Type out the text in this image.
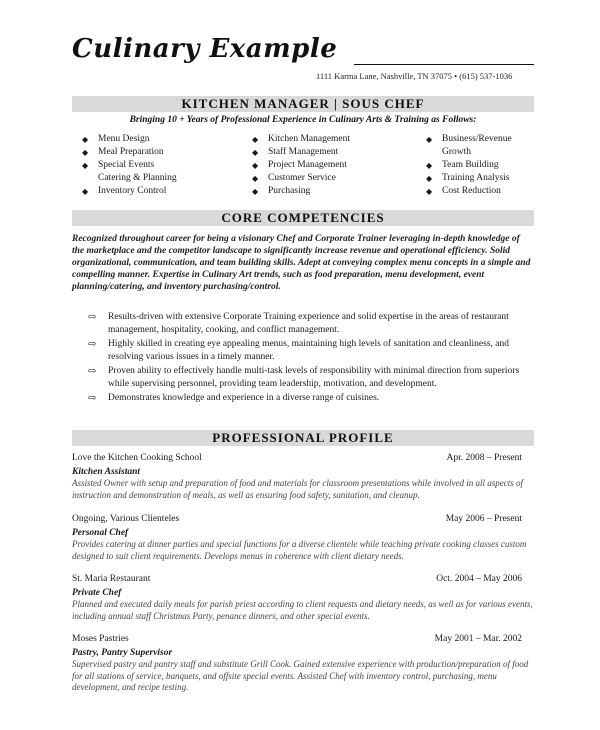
Culinary Example
1111 Karma Lane, Nashville, TN 37075 • (615) 537-1036
KITCHEN MANAGER | SOUS CHEF
Bringing 10 + Years of Professional Experience in Culinary Arts & Training as Follows:
◆ Menu Design
◆ Meal Preparation
◆ Special Events
Catering & Planning
◆ Inventory Control
◆ Kitchen Management
◆ Staff Management
◆ Project Management
◆ Customer Service
◆ Purchasing
◆ Business/Revenue
Growth
◆ Team Building
◆ Training Analysis
◆ Cost Reduction
CORE COMPETENCIES
Recognized throughout career for being a visionary Chef and Corporate Trainer leveraging in-depth knowledge of the marketplace and the competitor landscape to significantly increase revenue and operational efficiency. Solid organizational, communication, and team building skills. Adept at conveying complex menu concepts in a simple and compelling manner. Expertise in Culinary Art trends, such as food preparation, menu development, event planning/catering, and inventory purchasing/control.
⇨ Results-driven with extensive Corporate Training experience and solid expertise in the areas of restaurant management, hospitality, cooking, and conflict management.
⇨ Highly skilled in creating eye appealing menus, maintaining high levels of sanitation and cleanliness, and resolving various issues in a timely manner.
⇨ Proven ability to effectively handle multi-task levels of responsibility with minimal direction from superiors while supervising personnel, providing team leadership, motivation, and development.
⇨ Demonstrates knowledge and experience in a diverse range of cuisines.
PROFESSIONAL PROFILE
Love the Kitchen Cooking School	Apr. 2008 – Present
Kitchen Assistant
Assisted Owner with setup and preparation of food and materials for classroom presentations while involved in all aspects of instruction and demonstration of meals, as well as ensuring food safety, sanitation, and cleanup.
Ongoing, Various Clienteles	May 2006 – Present
Personal Chef
Provides catering at dinner parties and special functions for a diverse clientele while teaching private cooking classes custom designed to suit client requirements. Develops menus in coherence with client dietary needs.
St. Maria Restaurant	Oct. 2004 – May 2006
Private Chef
Planned and executed daily meals for parish priest according to client requests and dietary needs, as well as for various events, including annual staff Christmas Party, penance dinners, and other special events.
Moses Pastries	May 2001 – Mar. 2002
Pastry, Pantry Supervisor
Supervised pastry and pantry staff and substitute Grill Cook. Gained extensive experience with production/preparation of food for all stations of service, banquets, and offsite special events. Assisted Chef with inventory control, purchasing, menu development, and recipe testing.
